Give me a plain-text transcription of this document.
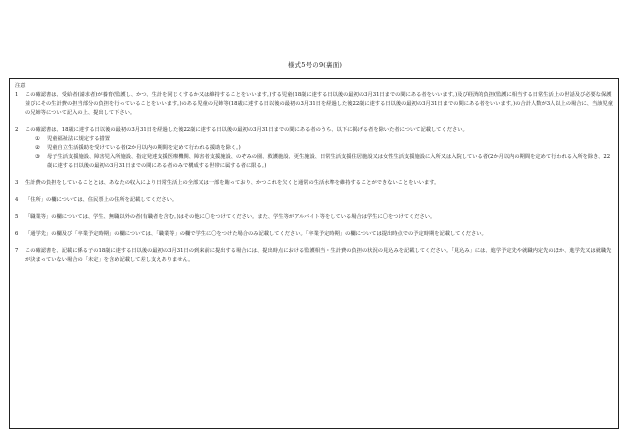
様式5号の9(裏面)
注意
1	この確認書は、受給者(請求者)が養育(監護し、かつ、生計を同じくするか又は維持することをいいます。)する児童(18歳に達する日以後の最初の3月31日までの間にある者をいいます。)及び経済的負担(監護に相当する日常生活上の世話及び必要な保護並びにその生計費の担当部分の負担を行っていることをいいます。)のある児童の兄姉等(18歳に達する日以後の最初の3月31日を経過した後22歳に達する日以後の最初の3月31日までの間にある者をいいます。)の合計人数が3人以上の場合に、当該児童の兄姉等について記入の上、提出して下さい。
2	この確認書は、18歳に達する日以後の最初の3月31日を経過した後22歳に達する日以後の最初の3月31日までの間にある者のうち、以下に掲げる者を除いた者について記載してください。
①	児童福祉法に規定する措置
②	児童自立生活援助を受けている者(2か月以内の期間を定めて行われる援助を除く。)
③	母子生活支援施設、障害児入所施設、指定発達支援医療機関、障害者支援施設、のぞみの園、救護施設、更生施設、日常生活支援住居施設又は女性生活支援施設に入所又は入院している者(2か月以内の期間を定めて行われる入所を除き、22歳に達する日以後の最初の3月31日までの間にある者のみで構成する世帯に属する者に限る。)
3	生計費の負担をしていることとは、あなたの収入により日常生活上の全部又は一部を賄っており、かつこれを欠くと通常の生活水準を維持することができないことをいいます。
4	「住所」の欄については、住民票上の住所を記載してください。
5	「職業等」の欄については、学生、無職以外の者(有職者を含む。)はその他に〇をつけてください。また、学生等がアルバイト等をしている場合は学生に〇をつけてください。
6	「通学先」の欄及び「卒業予定時期」の欄については、「職業等」の欄で学生に〇をつけた場合のみ記載してください。「卒業予定時期」の欄については提出時点での予定時期を記載してください。
7	この確認書を、記載に係る子の18歳に達する日以後の最初の3月31日の到来前に提出する場合には、提出時点における監護相当・生計費の負担の状況の見込みを記載してください。「見込み」には、進学予定先や就職内定先のほか、進学先又は就職先が決まっていない場合の「未定」を含め記載して差し支えありません。
